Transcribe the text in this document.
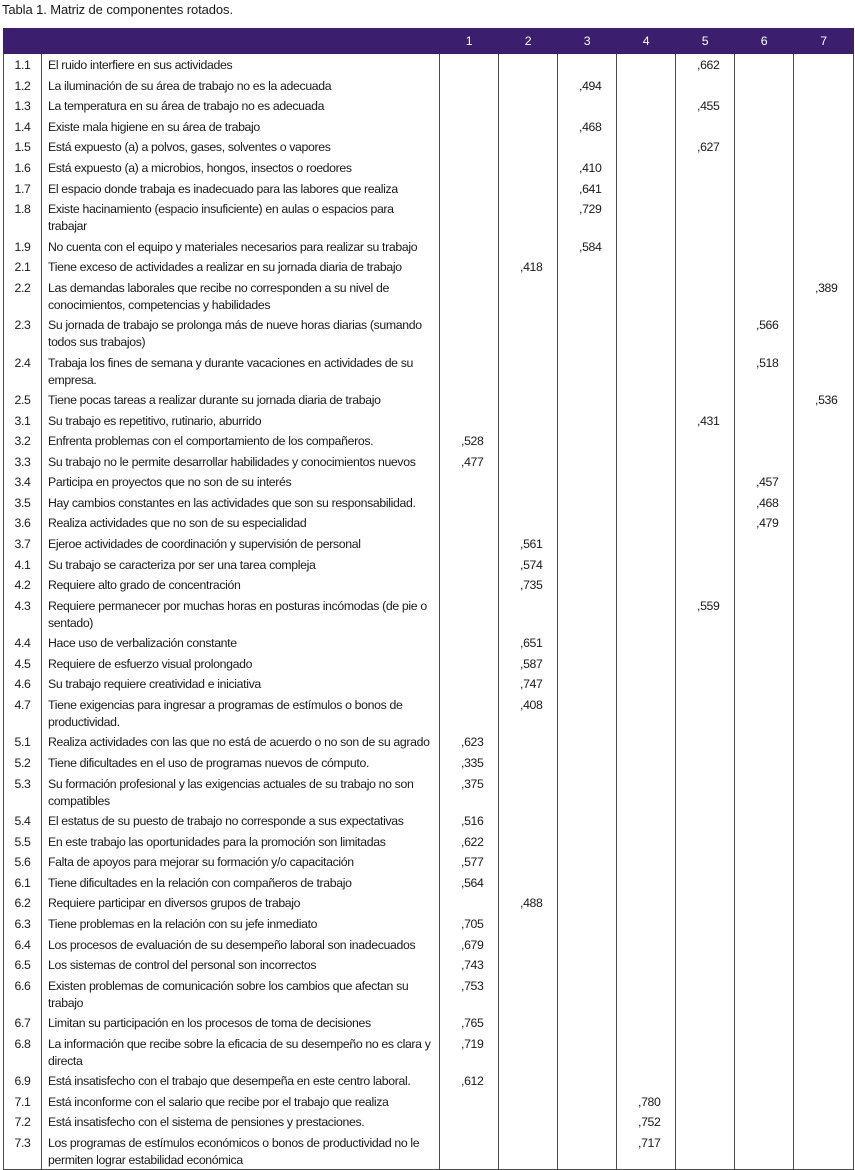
Tabla 1. Matriz de componentes rotados.
		1	2	3	4	5	6	7
1.1	El ruido interfiere en sus actividades					,662		
1.2	La iluminación de su área de trabajo no es la adecuada			,494				
1.3	La temperatura en su área de trabajo no es adecuada					,455		
1.4	Existe mala higiene en su área de trabajo			,468				
1.5	Está expuesto (a) a polvos, gases, solventes o vapores					,627		
1.6	Está expuesto (a) a microbios, hongos, insectos o roedores			,410				
1.7	El espacio donde trabaja es inadecuado para las labores que realiza			,641				
1.8	Existe hacinamiento (espacio insuficiente) en aulas o espacios para trabajar			,729				
1.9	No cuenta con el equipo y materiales necesarios para realizar su trabajo			,584				
2.1	Tiene exceso de actividades a realizar en su jornada diaria de trabajo		,418					
2.2	Las demandas laborales que recibe no corresponden a su nivel de conocimientos, competencias y habilidades							,389
2.3	Su jornada de trabajo se prolonga más de nueve horas diarias (sumando todos sus trabajos)						,566	
2.4	Trabaja los fines de semana y durante vacaciones en actividades de su empresa.						,518	
2.5	Tiene pocas tareas a realizar durante su jornada diaria de trabajo							,536
3.1	Su trabajo es repetitivo, rutinario, aburrido					,431		
3.2	Enfrenta problemas con el comportamiento de los compañeros.	,528						
3.3	Su trabajo no le permite desarrollar habilidades y conocimientos nuevos	,477						
3.4	Participa en proyectos que no son de su interés						,457	
3.5	Hay cambios constantes en las actividades que son su responsabilidad.						,468	
3.6	Realiza actividades que no son de su especialidad						,479	
3.7	Ejeroe actividades de coordinación y supervisión de personal		,561					
4.1	Su trabajo se caracteriza por ser una tarea compleja		,574					
4.2	Requiere alto grado de concentración		,735					
4.3	Requiere permanecer por muchas horas en posturas incómodas (de pie o sentado)					,559		
4.4	Hace uso de verbalización constante		,651					
4.5	Requiere de esfuerzo visual prolongado		,587					
4.6	Su trabajo requiere creatividad e iniciativa		,747					
4.7	Tiene exigencias para ingresar a programas de estímulos o bonos de productividad.		,408					
5.1	Realiza actividades con las que no está de acuerdo o no son de su agrado	,623						
5.2	Tiene dificultades en el uso de programas nuevos de cómputo.	,335						
5.3	Su formación profesional y las exigencias actuales de su trabajo no son compatibles	,375						
5.4	El estatus de su puesto de trabajo no corresponde a sus expectativas	,516						
5.5	En este trabajo las oportunidades para la promoción son limitadas	,622						
5.6	Falta de apoyos para mejorar su formación y/o capacitación	,577						
6.1	Tiene dificultades en la relación con compañeros de trabajo	,564						
6.2	Requiere participar en diversos grupos de trabajo		,488					
6.3	Tiene problemas en la relación con su jefe inmediato	,705						
6.4	Los procesos de evaluación de su desempeño laboral son inadecuados	,679						
6.5	Los sistemas de control del personal son incorrectos	,743						
6.6	Existen problemas de comunicación sobre los cambios que afectan su trabajo	,753						
6.7	Limitan su participación en los procesos de toma de decisiones	,765						
6.8	La información que recibe sobre la eficacia de su desempeño no es clara y directa	,719						
6.9	Está insatisfecho con el trabajo que desempeña en este centro laboral.	,612						
7.1	Está inconforme con el salario que recibe por el trabajo que realiza				,780			
7.2	Está insatisfecho con el sistema de pensiones y prestaciones.				,752			
7.3	Los programas de estímulos económicos o bonos de productividad no le permiten lograr estabilidad económica				,717			
